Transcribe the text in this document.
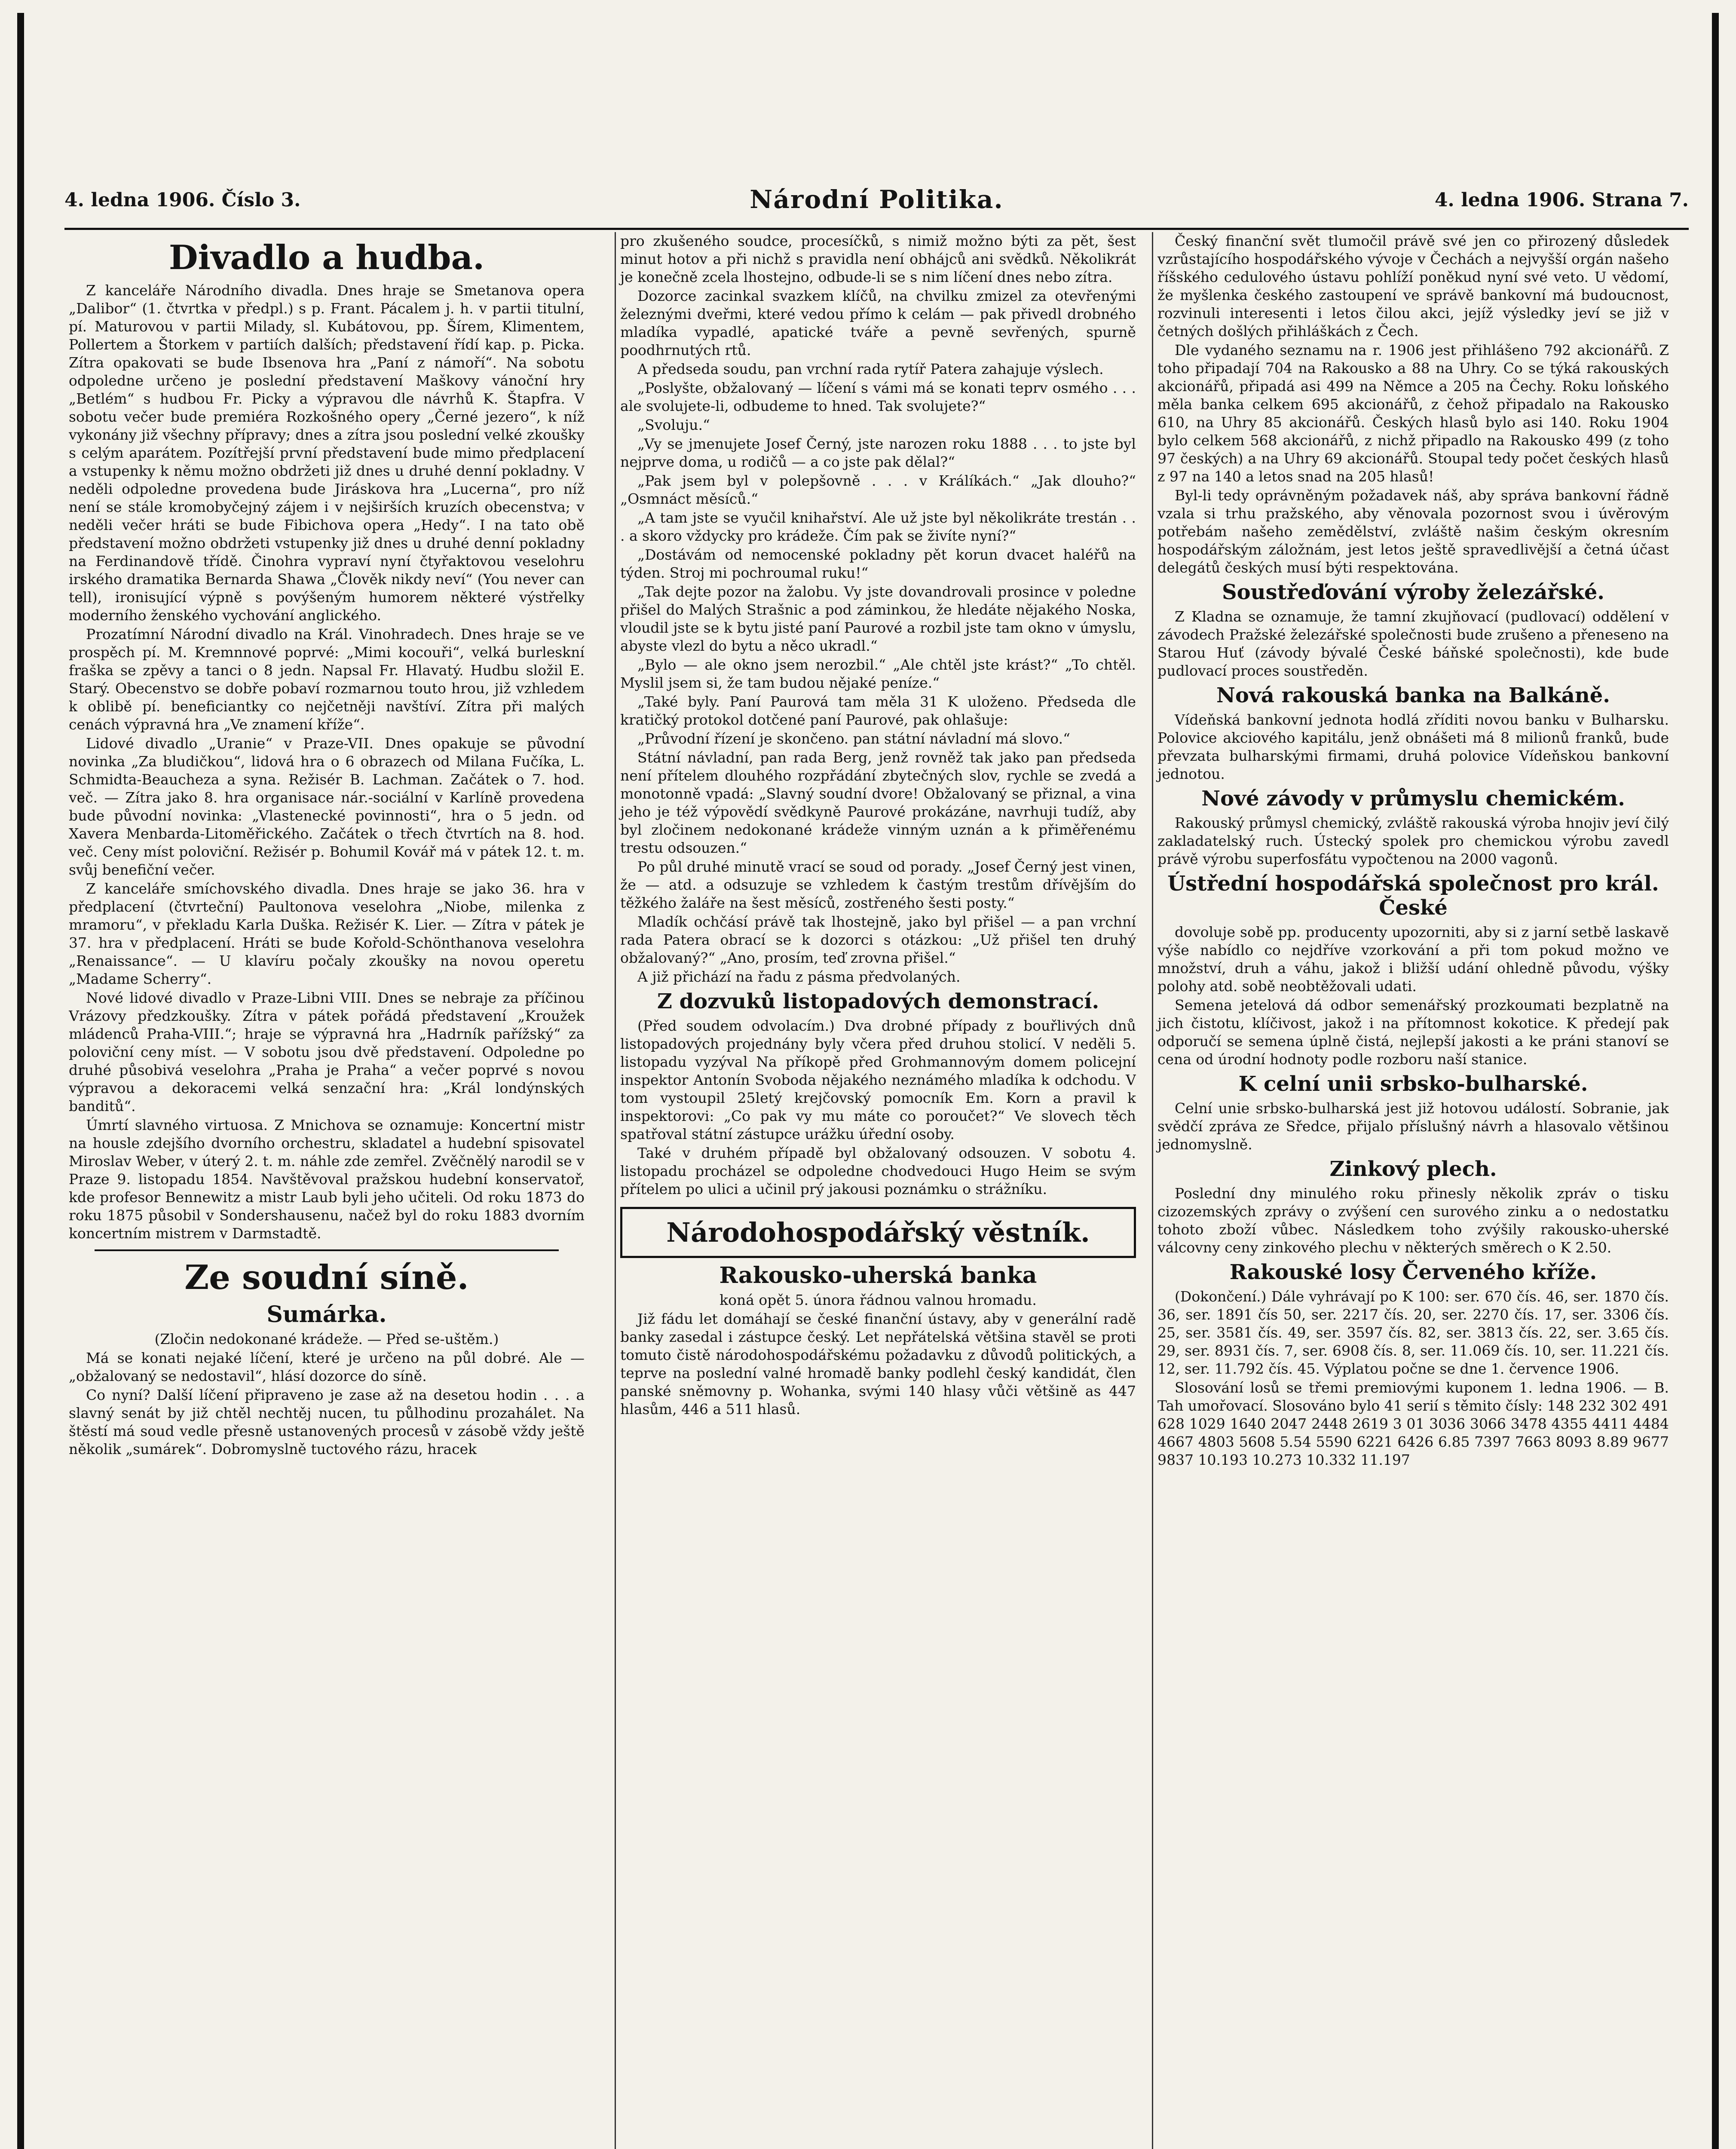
4. ledna 1906. Číslo 3.	Národní Politika.	4. ledna 1906. Strana 7.
Divadlo a hudba.

Z kanceláře Národního divadla. Dnes hraje se Smetanova opera „Dalibor“ (1. čtvrtka v předpl.) s p. Frant. Pácalem j. h. v partii titulní, pí. Maturovou v partii Milady, sl. Kubátovou, pp. Šírem, Klimentem, Pollertem a Štorkem v partiích dalších; představení řídí kap. p. Picka. Zítra opakovati se bude Ibsenova hra „Paní z námoří“. Na sobotu odpoledne určeno je poslední představení Maškovy vánoční hry „Betlém“ s hudbou Fr. Picky a výpravou dle návrhů K. Štapfra. V sobotu večer bude premiéra Rozkošného opery „Černé jezero“, k níž vykonány již všechny přípravy; dnes a zítra jsou poslední velké zkoušky s celým aparátem. Pozítřejší první představení bude mimo předplacení a vstupenky k němu možno obdržeti již dnes u druhé denní pokladny. V neděli odpoledne provedena bude Jiráskova hra „Lucerna“, pro níž není se stále kromobyčejný zájem i v nejširších kruzích obecenstva; v neděli večer hráti se bude Fibichova opera „Hedy“. I na tato obě představení možno obdržeti vstupenky již dnes u druhé denní pokladny na Ferdinandově třídě. Činohra vypraví nyní čtyřaktovou veselohru irského dramatika Bernarda Shawa „Člověk nikdy neví“ (You never can tell), ironisující výpně s povýšeným humorem některé výstřelky moderního ženského vychování anglického.

Prozatímní Národní divadlo na Král. Vinohradech. Dnes hraje se ve prospěch pí. M. Kremnnové poprvé: „Mimi kocouři“, velká burleskní fraška se zpěvy a tanci o 8 jedn. Napsal Fr. Hlavatý. Hudbu složil E. Starý. Obecenstvo se dobře pobaví rozmarnou touto hrou, již vzhledem k oblibě pí. beneficiantky co nejčetněji navštíví. Zítra při malých cenách výpravná hra „Ve znamení kříže“.

Lidové divadlo „Uranie“ v Praze-VII. Dnes opakuje se původní novinka „Za bludičkou“, lidová hra o 6 obrazech od Milana Fučíka, L. Schmidta-Beaucheza a syna. Režisér B. Lachman. Začátek o 7. hod. več. — Zítra jako 8. hra organisace nár.-sociální v Karlíně provedena bude původní novinka: „Vlastenecké povinnosti“, hra o 5 jedn. od Xavera Menbarda-Litoměřického. Začátek o třech čtvrtích na 8. hod. več. Ceny míst poloviční. Režisér p. Bohumil Kovář má v pátek 12. t. m. svůj benefiční večer.

Z kanceláře smíchovského divadla. Dnes hraje se jako 36. hra v předplacení (čtvrteční) Paultonova veselohra „Niobe, milenka z mramoru“, v překladu Karla Duška. Režisér K. Lier. — Zítra v pátek je 37. hra v předplacení. Hráti se bude Kořold-Schönthanova veselohra „Renaissance“. — U klavíru počaly zkoušky na novou operetu „Madame Scherry“.

Nové lidové divadlo v Praze-Libni VIII. Dnes se nebraje za příčinou Vrázovy předzkoušky. Zítra v pátek pořádá představení „Kroužek mládenců Praha-VIII.“; hraje se výpravná hra „Hadrník pařížský“ za poloviční ceny míst. — V sobotu jsou dvě představení. Odpoledne po druhé působivá veselohra „Praha je Praha“ a večer poprvé s novou výpravou a dekoracemi velká senzační hra: „Král londýnských banditů“.

Úmrtí slavného virtuosa. Z Mnichova se oznamuje: Koncertní mistr na housle zdejšího dvorního orchestru, skladatel a hudební spisovatel Miroslav Weber, v úterý 2. t. m. náhle zde zemřel. Zvěčnělý narodil se v Praze 9. listopadu 1854. Navštěvoval pražskou hudební konservatoř, kde profesor Bennewitz a mistr Laub byli jeho učiteli. Od roku 1873 do roku 1875 působil v Sondershausenu, načež byl do roku 1883 dvorním koncertním mistrem v Darmstadtě.

Ze soudní síně.
Sumárka.

(Zločin nedokonané krádeže. — Před se-uštěm.)

Má se konati nejaké líčení, které je určeno na půl dobré. Ale — „obžalovaný se nedostavil“, hlásí dozorce do síně.

Co nyní? Další líčení připraveno je zase až na desetou hodin . . . a slavný senát by již chtěl nechtěj nucen, tu půlhodinu prozahálet. Na štěstí má soud vedle přesně ustanovených procesů v zásobě vždy ještě několik „sumárek“. Dobromyslně tuctového rázu, hracek

pro zkušeného soudce, procesíčků, s nimiž možno býti za pět, šest minut hotov a při nichž s pravidla není obhájců ani svědků. Několikrát je konečně zcela lhostejno, odbude-li se s nim líčení dnes nebo zítra.

Dozorce zacinkal svazkem klíčů, na chvilku zmizel za otevřenými železnými dveřmi, které vedou přímo k celám — pak přivedl drobného mladíka vypadlé, apatické tváře a pevně sevřených, spurně poodhrnutých rtů.

A předseda soudu, pan vrchní rada rytíř Patera zahajuje výslech.

„Poslyšte, obžalovaný — líčení s vámi má se konati teprv osmého . . . ale svolujete-li, odbudeme to hned. Tak svolujete?“

„Svoluju.“

„Vy se jmenujete Josef Černý, jste narozen roku 1888 . . . to jste byl nejprve doma, u rodičů — a co jste pak dělal?“

„Pak jsem byl v polepšovně . . . v Králíkách.“ „Jak dlouho?“ „Osmnáct měsíců.“

„A tam jste se vyučil knihařství. Ale už jste byl několikráte trestán . . . a skoro vždycky pro krádeže. Čím pak se živíte nyní?“

„Dostávám od nemocenské pokladny pět korun dvacet haléřů na týden. Stroj mi pochroumal ruku!“

„Tak dejte pozor na žalobu. Vy jste dovandrovali prosince v poledne přišel do Malých Strašnic a pod záminkou, že hledáte nějakého Noska, vloudil jste se k bytu jisté paní Paurové a rozbil jste tam okno v úmyslu, abyste vlezl do bytu a něco ukradl.“

„Bylo — ale okno jsem nerozbil.“ „Ale chtěl jste krást?“ „To chtěl. Myslil jsem si, že tam budou nějaké peníze.“

„Také byly. Paní Paurová tam měla 31 K uloženo. Předseda dle kratičký protokol dotčené paní Paurové, pak ohlašuje:

„Průvodní řízení je skončeno. pan státní návladní má slovo.“

Státní návladní, pan rada Berg, jenž rovněž tak jako pan předseda není přítelem dlouhého rozpřádání zbytečných slov, rychle se zvedá a monotonně vpadá: „Slavný soudní dvore! Obžalovaný se přiznal, a vina jeho je též výpovědí svědkyně Paurové prokázáne, navrhuji tudíž, aby byl zločinem nedokonané krádeže vinným uznán a k přiměřenému trestu odsouzen.“

Po půl druhé minutě vrací se soud od porady. „Josef Černý jest vinen, že — atd. a odsuzuje se vzhledem k častým trestům dřívějším do těžkého žaláře na šest měsíců, zostřeného šesti posty.“

Mladík ochčásí právě tak lhostejně, jako byl přišel — a pan vrchní rada Patera obrací se k dozorci s otázkou: „Už přišel ten druhý obžalovaný?“ „Ano, prosím, teď zrovna přišel.“

A již přichází na řadu z pásma předvolaných.

Z dozvuků listopadových demonstrací.

(Před soudem odvolacím.) Dva drobné případy z bouřlivých dnů listopadových projednány byly včera před druhou stolicí. V neděli 5. listopadu vyzýval Na příkopě před Grohmannovým domem policejní inspektor Antonín Svoboda nějakého neznámého mladíka k odchodu. V tom vystoupil 25letý krejčovský pomocník Em. Korn a pravil k inspektorovi: „Co pak vy mu máte co poroučet?“ Ve slovech těch spatřoval státní zástupce urážku úřední osoby.

Také v druhém případě byl obžalovaný odsouzen. V sobotu 4. listopadu procházel se odpoledne chodvedouci Hugo Heim se svým přítelem po ulici a učinil prý jakousi poznámku o strážníku.

Národohospodářský věstník.
Rakousko-uherská banka

koná opět 5. února řádnou valnou hromadu.

Již fádu let domáhají se české finanční ústavy, aby v generální radě banky zasedal i zástupce český. Let nepřátelská většina stavěl se proti tomuto čistě národohospodářskému požadavku z důvodů politických, a teprve na poslední valné hromadě banky podlehl český kandidát, člen panské sněmovny p. Wohanka, svými 140 hlasy vůči většině as 447 hlasům, 446 a 511 hlasů.

Český finanční svět tlumočil právě své jen co přirozený důsledek vzrůstajícího hospodářského vývoje v Čechách a nejvyšší orgán našeho říšského cedulového ústavu pohlíží poněkud nyní své veto. U vědomí, že myšlenka českého zastoupení ve správě bankovní má budoucnost, rozvinuli interesenti i letos čilou akci, jejíž výsledky jeví se již v četných došlých přihláškách z Čech.

Dle vydaného seznamu na r. 1906 jest přihlášeno 792 akcionářů. Z toho připadají 704 na Rakousko a 88 na Uhry. Co se týká rakouských akcionářů, připadá asi 499 na Němce a 205 na Čechy. Roku loňského měla banka celkem 695 akcionářů, z čehož připadalo na Rakousko 610, na Uhry 85 akcionářů. Českých hlasů bylo asi 140. Roku 1904 bylo celkem 568 akcionářů, z nichž připadlo na Rakousko 499 (z toho 97 českých) a na Uhry 69 akcionářů. Stoupal tedy počet českých hlasů z 97 na 140 a letos snad na 205 hlasů!

Byl-li tedy oprávněným požadavek náš, aby správa bankovní řádně vzala si trhu pražského, aby věnovala pozornost svou i úvěrovým potřebám našeho zemědělství, zvláště našim českým okresním hospodářským záložnám, jest letos ještě spravedlivější a četná účast delegátů českých musí býti respektována.

Soustřeďování výroby železářské.

Z Kladna se oznamuje, že tamní zkujňovací (pudlovací) oddělení v závodech Pražské železářské společnosti bude zrušeno a přeneseno na Starou Huť (závody bývalé České báňské společnosti), kde bude pudlovací proces soustředěn.

Nová rakouská banka na Balkáně.

Vídeňská bankovní jednota hodlá zříditi novou banku v Bulharsku. Polovice akciového kapitálu, jenž obnášeti má 8 milionů franků, bude převzata bulharskými firmami, druhá polovice Vídeňskou bankovní jednotou.

Nové závody v průmyslu chemickém.

Rakouský průmysl chemický, zvláště rakouská výroba hnojiv jeví čilý zakladatelský ruch. Ústecký spolek pro chemickou výrobu zavedl právě výrobu superfosfátu vypočtenou na 2000 vagonů.

Ústřední hospodářská společnost pro král. České

dovoluje sobě pp. producenty upozorniti, aby si z jarní setbě laskavě výše nabídlo co nejdříve vzorkování a při tom pokud možno ve množství, druh a váhu, jakož i bližší udání ohledně původu, výšky polohy atd. sobě neobtěžovali udati.

Semena jetelová dá odbor semenářský prozkoumati bezplatně na jich čistotu, klíčivost, jakož i na přítomnost kokotice. K předejí pak odporučí se semena úplně čistá, nejlepší jakosti a ke práni stanoví se cena od úrodní hodnoty podle rozboru naší stanice.

K celní unii srbsko-bulharské.

Celní unie srbsko-bulharská jest již hotovou událostí. Sobranie, jak svědčí zpráva ze Sředce, přijalo příslušný návrh a hlasovalo většinou jednomyslně.

Zinkový plech.

Poslední dny minulého roku přinesly několik zpráv o tisku cizozemských zprávy o zvýšení cen surového zinku a o nedostatku tohoto zboží vůbec. Následkem toho zvýšily rakousko-uherské válcovny ceny zinkového plechu v některých směrech o K 2.50.

Rakouské losy Červeného kříže.

(Dokončení.) Dále vyhrávají po K 100: ser. 670 čís. 46, ser. 1870 čís. 36, ser. 1891 čís 50, ser. 2217 čís. 20, ser. 2270 čís. 17, ser. 3306 čís. 25, ser. 3581 čís. 49, ser. 3597 čís. 82, ser. 3813 čís. 22, ser. 3.65 čís. 29, ser. 8931 čís. 7, ser. 6908 čís. 8, ser. 11.069 čís. 10, ser. 11.221 čís. 12, ser. 11.792 čís. 45. Výplatou počne se dne 1. července 1906.

Slosování losů se třemi premiovými kuponem 1. ledna 1906. — B. Tah umořovací. Slosováno bylo 41 serií s těmito čísly: 148 232 302 491 628 1029 1640 2047 2448 2619 3 01 3036 3066 3478 4355 4411 4484 4667 4803 5608 5.54 5590 6221 6426 6.85 7397 7663 8093 8.89 9677 9837 10.193 10.273 10.332 11.197
